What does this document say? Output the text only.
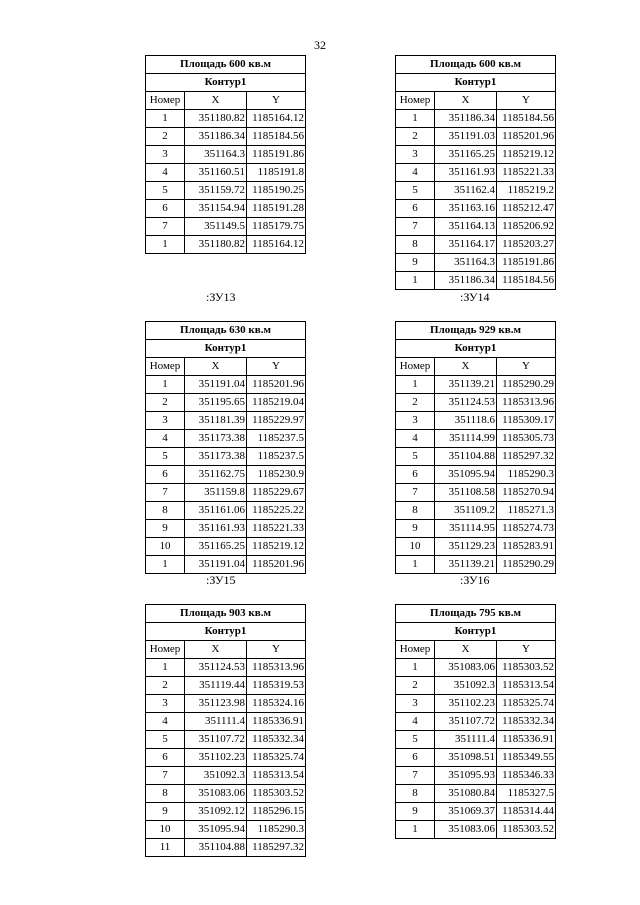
32
Площадь 600 кв.м		
Контур1		
Номер	X	Y
1	351180.82	1185164.12
2	351186.34	1185184.56
3	351164.3	1185191.86
4	351160.51	1185191.8
5	351159.72	1185190.25
6	351154.94	1185191.28
7	351149.5	1185179.75
1	351180.82	1185164.12
:ЗУ13
Площадь 600 кв.м		
Контур1		
Номер	X	Y
1	351186.34	1185184.56
2	351191.03	1185201.96
3	351165.25	1185219.12
4	351161.93	1185221.33
5	351162.4	1185219.2
6	351163.16	1185212.47
7	351164.13	1185206.92
8	351164.17	1185203.27
9	351164.3	1185191.86
1	351186.34	1185184.56
:ЗУ14
Площадь 630 кв.м		
Контур1		
Номер	X	Y
1	351191.04	1185201.96
2	351195.65	1185219.04
3	351181.39	1185229.97
4	351173.38	1185237.5
5	351173.38	1185237.5
6	351162.75	1185230.9
7	351159.8	1185229.67
8	351161.06	1185225.22
9	351161.93	1185221.33
10	351165.25	1185219.12
1	351191.04	1185201.96
:ЗУ15
Площадь 929 кв.м		
Контур1		
Номер	X	Y
1	351139.21	1185290.29
2	351124.53	1185313.96
3	351118.6	1185309.17
4	351114.99	1185305.73
5	351104.88	1185297.32
6	351095.94	1185290.3
7	351108.58	1185270.94
8	351109.2	1185271.3
9	351114.95	1185274.73
10	351129.23	1185283.91
1	351139.21	1185290.29
:ЗУ16
Площадь 903 кв.м		
Контур1		
Номер	X	Y
1	351124.53	1185313.96
2	351119.44	1185319.53
3	351123.98	1185324.16
4	351111.4	1185336.91
5	351107.72	1185332.34
6	351102.23	1185325.74
7	351092.3	1185313.54
8	351083.06	1185303.52
9	351092.12	1185296.15
10	351095.94	1185290.3
11	351104.88	1185297.32
Площадь 795 кв.м		
Контур1		
Номер	X	Y
1	351083.06	1185303.52
2	351092.3	1185313.54
3	351102.23	1185325.74
4	351107.72	1185332.34
5	351111.4	1185336.91
6	351098.51	1185349.55
7	351095.93	1185346.33
8	351080.84	1185327.5
9	351069.37	1185314.44
1	351083.06	1185303.52
